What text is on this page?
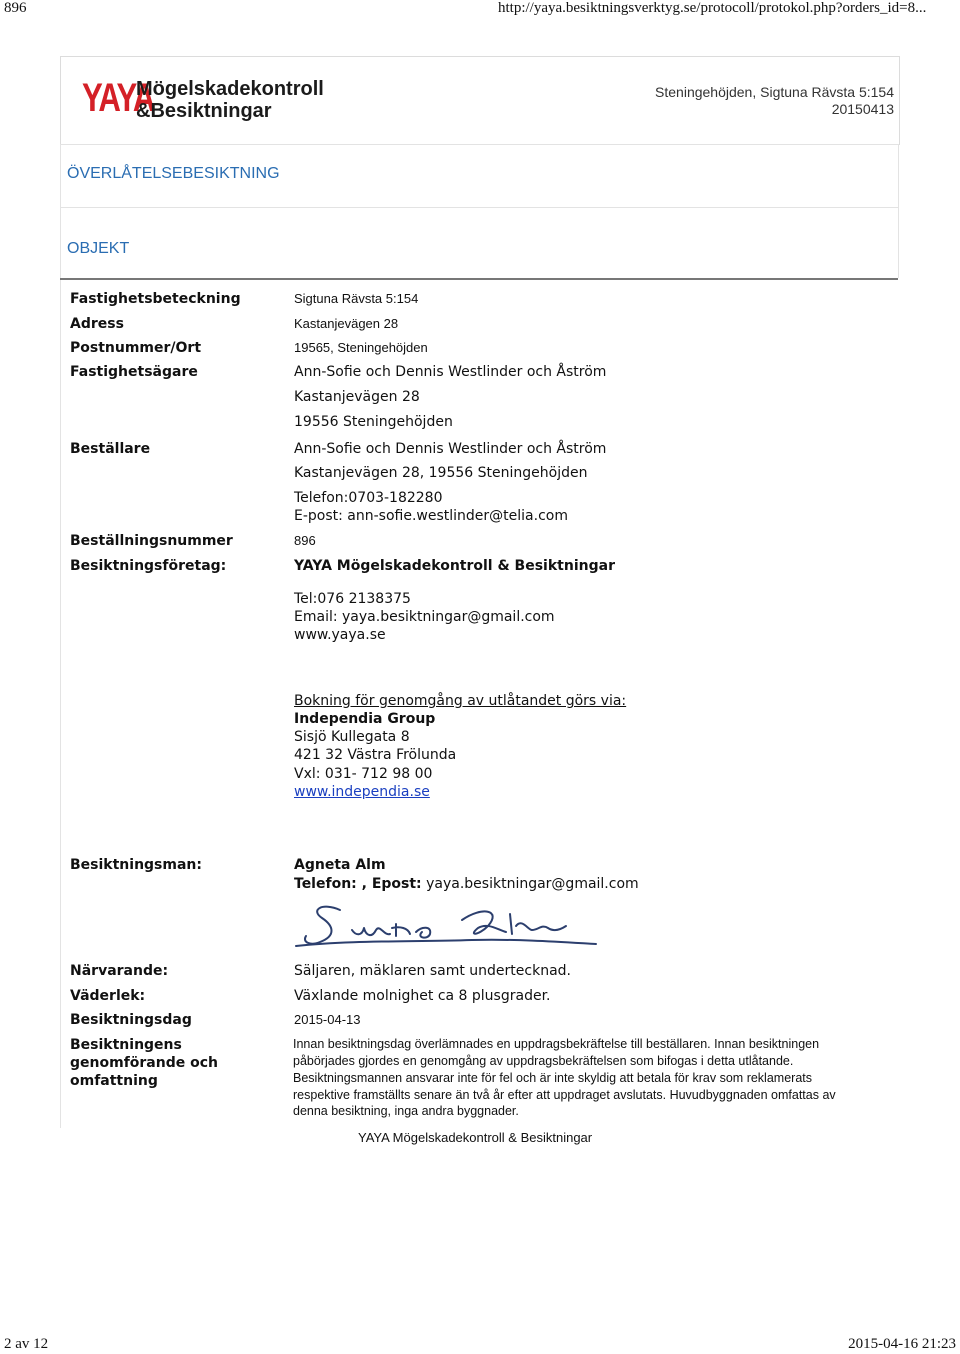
896	http://yaya.besiktningsverktyg.se/protocoll/protokol.php?orders_id=8...
YAYA
Mögelskadekontroll
&Besiktningar
Steningehöjden, Sigtuna Rävsta 5:154
20150413
ÖVERLÅTELSEBESIKTNING
OBJEKT
Fastighetsbeteckning	Sigtuna Rävsta 5:154
Adress	Kastanjevägen 28
Postnummer/Ort	19565, Steningehöjden
Fastighetsägare	Ann-Sofie och Dennis Westlinder och Åström
Kastanjevägen 28
19556 Steningehöjden
Beställare	Ann-Sofie och Dennis Westlinder och Åström
Kastanjevägen 28, 19556 Steningehöjden
Telefon:0703-182280
E-post: ann-sofie.westlinder@telia.com
Beställningsnummer	896
Besiktningsföretag:	YAYA Mögelskadekontroll & Besiktningar
Tel:076 2138375
Email: yaya.besiktningar@gmail.com
www.yaya.se
Bokning för genomgång av utlåtandet görs via:
Independia Group
Sisjö Kullegata 8
421 32 Västra Frölunda
Vxl: 031- 712 98 00
www.independia.se
Besiktningsman:	Agneta Alm
Telefon: , Epost: yaya.besiktningar@gmail.com
Närvarande:	Säljaren, mäklaren samt undertecknad.
Väderlek:	Växlande molnighet ca 8 plusgrader.
Besiktningsdag	2015-04-13
Besiktningens
genomförande och
omfattning
Innan besiktningsdag överlämnades en uppdragsbekräftelse till beställaren. Innan besiktningen
påbörjades gjordes en genomgång av uppdragsbekräftelsen som bifogas i detta utlåtande.
Besiktningsmannen ansvarar inte för fel och är inte skyldig att betala för krav som reklamerats
respektive framställts senare än två år efter att uppdraget avslutats. Huvudbyggnaden omfattas av
denna besiktning, inga andra byggnader.
YAYA Mögelskadekontroll & Besiktningar
2 av 12	2015-04-16 21:23
